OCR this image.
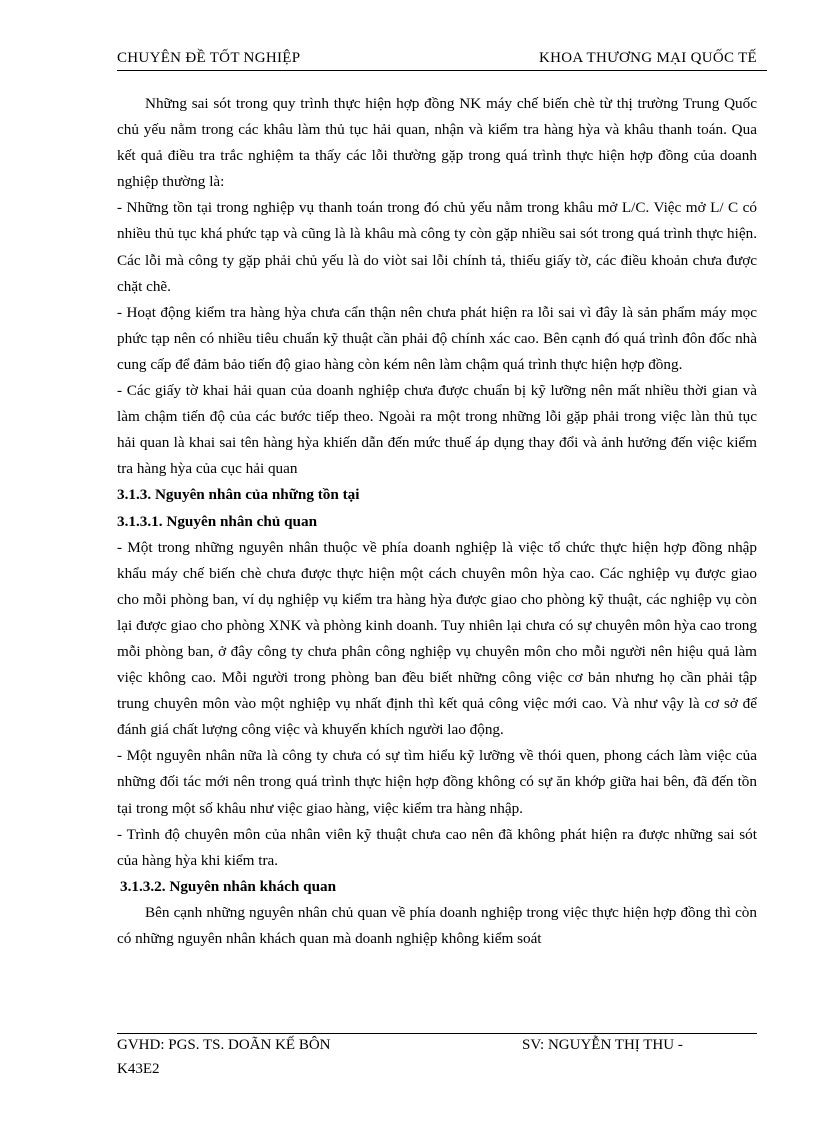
CHUYÊN ĐỀ TỐT NGHIỆP	KHOA THƯƠNG MẠI QUỐC TẾ

Những sai sót trong quy trình thực hiện hợp đồng NK máy chế biến chè từ thị trường Trung Quốc chủ yếu nằm trong các khâu làm thủ tục hải quan, nhận và kiểm tra hàng hỳa và khâu thanh toán. Qua kết quả điều tra trắc nghiệm ta thấy các lỗi thường gặp trong quá trình thực hiện hợp đồng của doanh nghiệp thường là:

- Những tồn tại trong nghiệp vụ thanh toán trong đó chủ yếu nằm trong khâu mở L/C. Việc mở L/ C có nhiều thủ tục khá phức tạp và cũng là là khâu mà công ty còn gặp nhiều sai sót trong quá trình thực hiện. Các lỗi mà công ty gặp phải chủ yếu là do viòt sai lỗi chính tả, thiếu giấy tờ, các điều khoản chưa được chặt chẽ.

- Hoạt động kiểm tra hàng hỳa chưa cẩn thận nên chưa phát hiện ra lỗi sai vì đây là sản phẩm máy mọc phức tạp nên có nhiều tiêu chuẩn kỹ thuật cần phải độ chính xác cao. Bên cạnh đó quá trình đôn đốc nhà cung cấp để đảm bảo tiến độ giao hàng còn kém nên làm chậm quá trình thực hiện hợp đồng.

- Các giấy tờ khai hải quan của doanh nghiệp chưa được chuẩn bị kỹ lưỡng nên mất nhiều thời gian và làm chậm tiến độ của các bước tiếp theo. Ngoài ra một trong những lỗi gặp phải trong việc làn thủ tục hải quan là khai sai tên hàng hỳa khiến dẫn đến mức thuế áp dụng thay đổi và ảnh hưởng đến việc kiểm tra hàng hỳa của cục hải quan

3.1.3. Nguyên nhân của những tồn tại
3.1.3.1. Nguyên nhân chủ quan

- Một trong những nguyên nhân thuộc về phía doanh nghiệp là việc tổ chức thực hiện hợp đồng nhập khẩu máy chế biến chè chưa được thực hiện một cách chuyên môn hỳa cao. Các nghiệp vụ được giao cho mỗi phòng ban, ví dụ nghiệp vụ kiểm tra hàng hỳa được giao cho phòng kỹ thuật, các nghiệp vụ còn lại được giao cho phòng XNK và phòng kinh doanh. Tuy nhiên lại chưa có sự chuyên môn hỳa cao trong mỗi phòng ban, ở đây công ty chưa phân công nghiệp vụ chuyên môn cho mỗi người nên hiệu quả làm việc không cao. Mỗi người trong phòng ban đều biết những công việc cơ bản nhưng họ cần phải tập trung chuyên môn vào một nghiệp vụ nhất định thì kết quả công việc mới cao. Và như vậy là cơ sở để đánh giá chất lượng công việc và khuyến khích người lao động.

- Một nguyên nhân nữa là công ty chưa có sự tìm hiểu kỹ lưỡng về thói quen, phong cách làm việc của những đối tác mới nên trong quá trình thực hiện hợp đồng không có sự ăn khớp giữa hai bên, đã đến tồn tại trong một số khâu như việc giao hàng, việc kiểm tra hàng nhập.

- Trình độ chuyên môn của nhân viên kỹ thuật chưa cao nên đã không phát hiện ra được những sai sót của hàng hỳa khi kiểm tra.

3.1.3.2. Nguyên nhân khách quan

Bên cạnh những nguyên nhân chủ quan về phía doanh nghiệp trong việc thực hiện hợp đồng thì còn có những nguyên nhân khách quan mà doanh nghiệp không kiểm soát

GVHD: PGS. TS. DOÃN KẾ BÔN	SV: NGUYỄN THỊ THU -
K43E2
